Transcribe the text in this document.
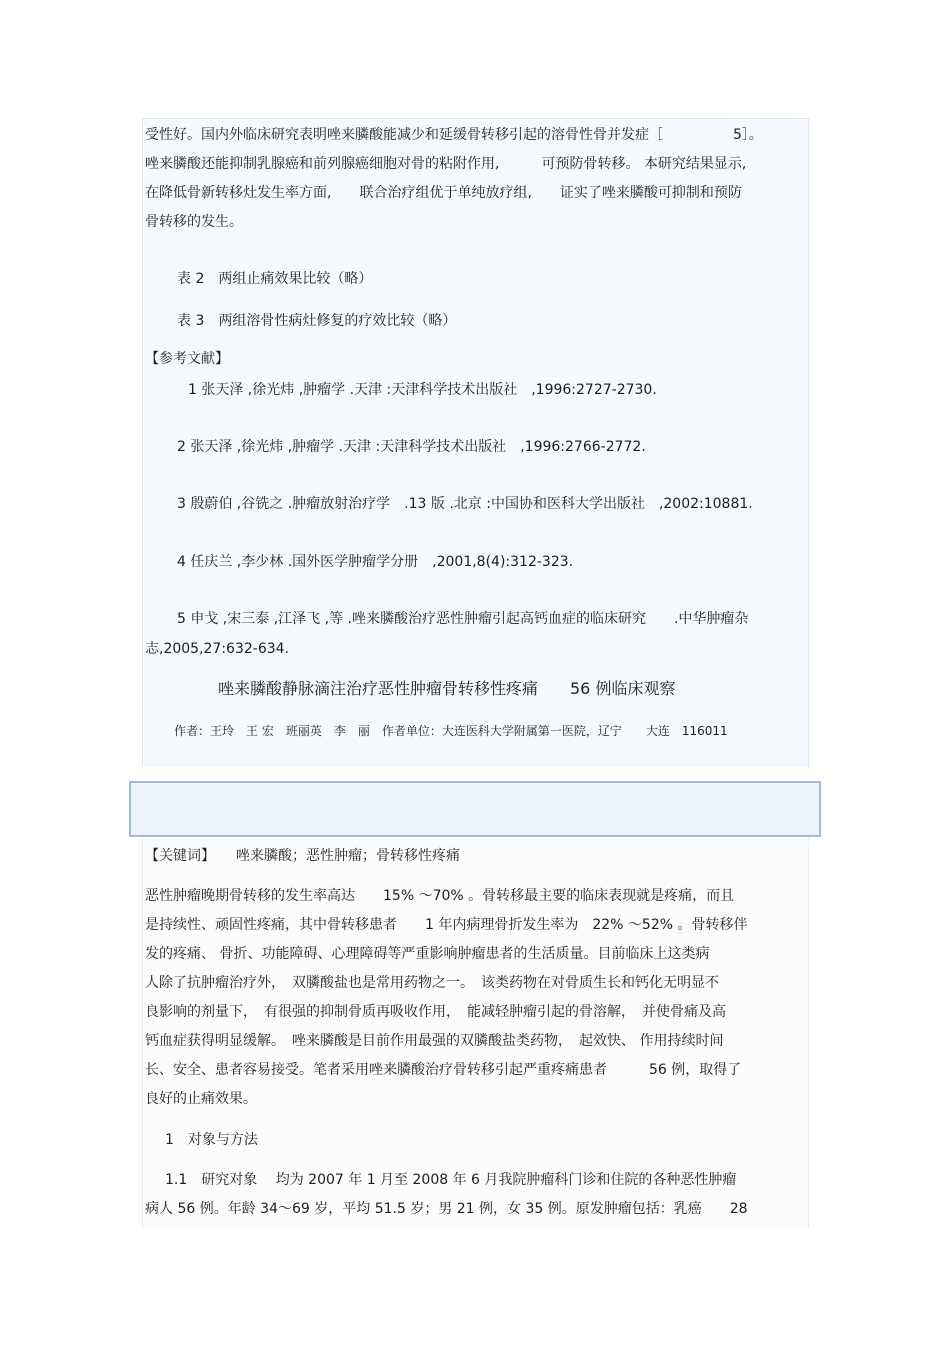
受性好。国内外临床研究表明唑来膦酸能减少和延缓骨转移引起的溶骨性骨并发症［　　　　　5］。
唑来膦酸还能抑制乳腺癌和前列腺癌细胞对骨的粘附作用,　　　可预防骨转移。 本研究结果显示,
在降低骨新转移灶发生率方面,　　联合治疗组优于单纯放疗组,　　证实了唑来膦酸可抑制和预防
骨转移的发生。
表 2　两组止痛效果比较（略）
表 3　两组溶骨性病灶修复的疗效比较（略）
【参考文献】
1 张天泽 ,徐光炜 ,肿瘤学 .天津 :天津科学技术出版社　,1996:2727-2730.
2 张天泽 ,徐光炜 ,肿瘤学 .天津 :天津科学技术出版社　,1996:2766-2772.
3 殷蔚伯 ,谷铣之 .肿瘤放射治疗学　.13 版 .北京 :中国协和医科大学出版社　,2002:10881.
4 任庆兰 ,李少林 .国外医学肿瘤学分册　,2001,8(4):312-323.
5 申戈 ,宋三泰 ,江泽飞 ,等 .唑来膦酸治疗恶性肿瘤引起高钙血症的临床研究　　.中华肿瘤杂
志,2005,27:632-634.
唑来膦酸静脉滴注治疗恶性肿瘤骨转移性疼痛　　56 例临床观察
作者：王玲　王 宏　班丽英　李　丽　作者单位：大连医科大学附属第一医院，辽宁　　大连　116011
【关键词】　　唑来膦酸；恶性肿瘤；骨转移性疼痛
恶性肿瘤晚期骨转移的发生率高达　　15% ～70% 。骨转移最主要的临床表现就是疼痛，而且
是持续性、顽固性疼痛，其中骨转移患者　　1 年内病理骨折发生率为　22% ～52% 。骨转移伴
发的疼痛、 骨折、功能障碍、心理障碍等严重影响肿瘤患者的生活质量。目前临床上这类病
人除了抗肿瘤治疗外，　双膦酸盐也是常用药物之一。　该类药物在对骨质生长和钙化无明显不
良影响的剂量下，　有很强的抑制骨质再吸收作用，　能减轻肿瘤引起的骨溶解，　并使骨痛及高
钙血症获得明显缓解。　唑来膦酸是目前作用最强的双膦酸盐类药物，　起效快、 作用持续时间
长、安全、患者容易接受。笔者采用唑来膦酸治疗骨转移引起严重疼痛患者　　　56 例，取得了
良好的止痛效果。
1　对象与方法
1.1　研究对象　 均为 2007 年 1 月至 2008 年 6 月我院肿瘤科门诊和住院的各种恶性肿瘤
病人 56 例。年龄 34～69 岁，平均 51.5 岁；男 21 例，女 35 例。原发肿瘤包括：乳癌　　28
